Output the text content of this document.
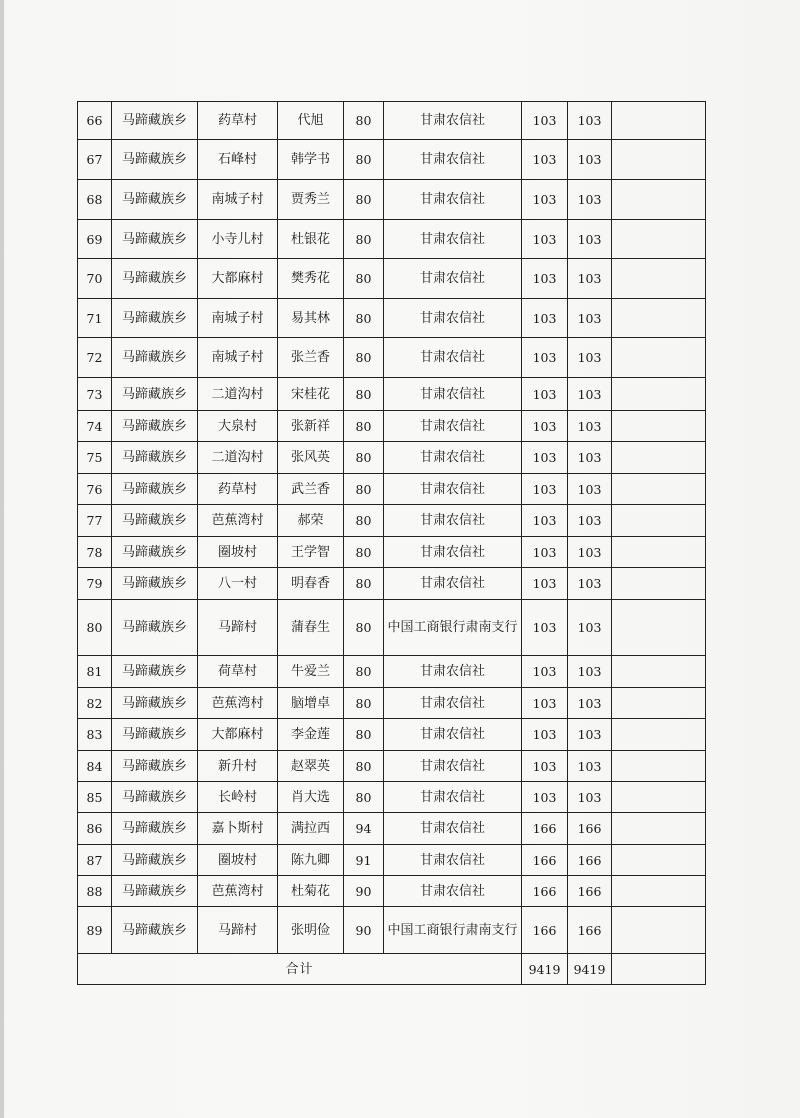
66	马蹄藏族乡	药草村	代旭	80	甘肃农信社	103	103	
67	马蹄藏族乡	石峰村	韩学书	80	甘肃农信社	103	103	
68	马蹄藏族乡	南城子村	贾秀兰	80	甘肃农信社	103	103	
69	马蹄藏族乡	小寺儿村	杜银花	80	甘肃农信社	103	103	
70	马蹄藏族乡	大都麻村	樊秀花	80	甘肃农信社	103	103	
71	马蹄藏族乡	南城子村	易其林	80	甘肃农信社	103	103	
72	马蹄藏族乡	南城子村	张兰香	80	甘肃农信社	103	103	
73	马蹄藏族乡	二道沟村	宋桂花	80	甘肃农信社	103	103	
74	马蹄藏族乡	大泉村	张新祥	80	甘肃农信社	103	103	
75	马蹄藏族乡	二道沟村	张风英	80	甘肃农信社	103	103	
76	马蹄藏族乡	药草村	武兰香	80	甘肃农信社	103	103	
77	马蹄藏族乡	芭蕉湾村	郝荣	80	甘肃农信社	103	103	
78	马蹄藏族乡	圈坡村	王学智	80	甘肃农信社	103	103	
79	马蹄藏族乡	八一村	明春香	80	甘肃农信社	103	103	
80	马蹄藏族乡	马蹄村	蒲春生	80	中国工商银行肃南支行	103	103	
81	马蹄藏族乡	荷草村	牛爱兰	80	甘肃农信社	103	103	
82	马蹄藏族乡	芭蕉湾村	脑增卓	80	甘肃农信社	103	103	
83	马蹄藏族乡	大都麻村	李金莲	80	甘肃农信社	103	103	
84	马蹄藏族乡	新升村	赵翠英	80	甘肃农信社	103	103	
85	马蹄藏族乡	长岭村	肖大选	80	甘肃农信社	103	103	
86	马蹄藏族乡	嘉卜斯村	满拉西	94	甘肃农信社	166	166	
87	马蹄藏族乡	圈坡村	陈九卿	91	甘肃农信社	166	166	
88	马蹄藏族乡	芭蕉湾村	杜菊花	90	甘肃农信社	166	166	
89	马蹄藏族乡	马蹄村	张明俭	90	中国工商银行肃南支行	166	166	
合计						9419	9419	
